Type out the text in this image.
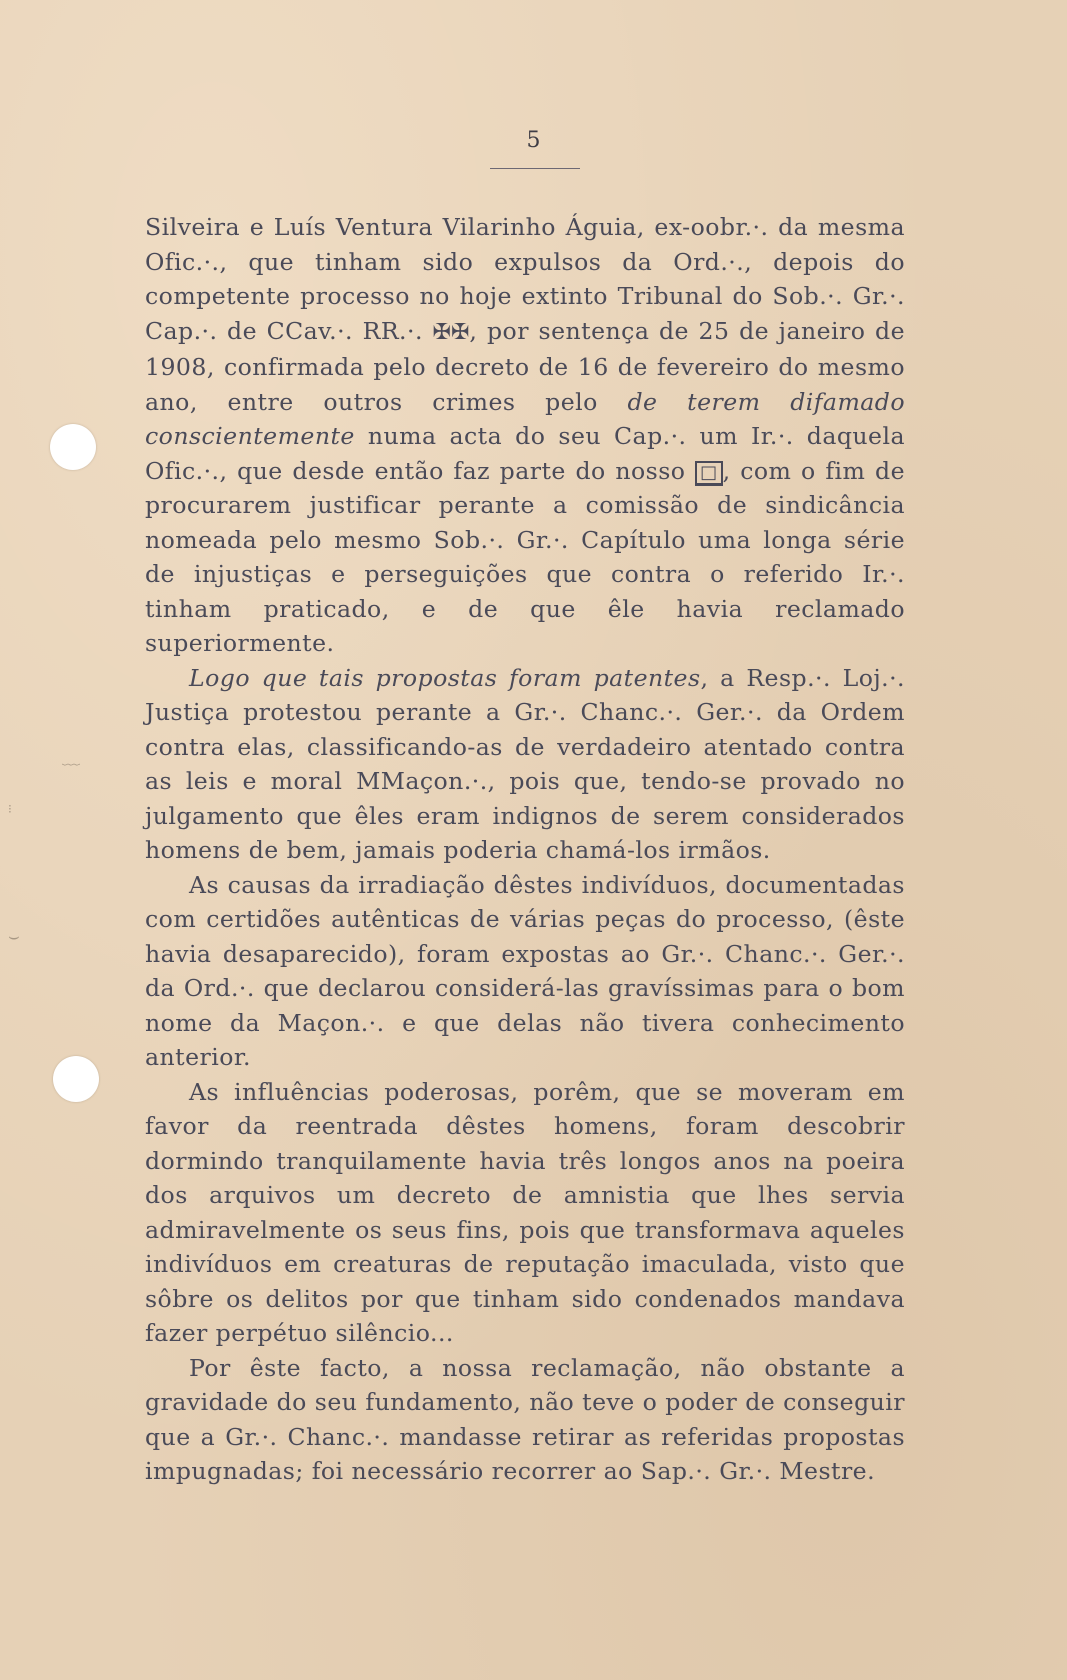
5
﹏
⁝
⌣

Silveira e Luís Ventura Vilarinho Águia, ex-oobr.·. da mesma Ofic.·., que tinham sido expulsos da Ord.·., depois do competente processo no hoje extinto Tribunal do Sob.·. Gr.·. Cap.·. de CCav.·. RR.·. ✠✠, por sentença de 25 de janeiro de 1908, confirmada pelo decreto de 16 de fevereiro do mesmo ano, entre outros crimes pelo de terem difamado conscientemente numa acta do seu Cap.·. um Ir.·. daquela Ofic.·., que desde então faz parte do nosso □ , com o fim de procurarem justificar perante a comissão de sindicância nomeada pelo mesmo Sob.·. Gr.·. Capítulo uma longa série de injustiças e perseguições que contra o referido Ir.·. tinham praticado, e de que êle havia reclamado superiormente.

Logo que tais propostas foram patentes, a Resp.·. Loj.·. Justiça protestou perante a Gr.·. Chanc.·. Ger.·. da Ordem contra elas, classificando-as de verdadeiro atentado contra as leis e moral MMaçon.·., pois que, tendo-se provado no julgamento que êles eram indignos de serem considerados homens de bem, jamais poderia chamá-los irmãos.

As causas da irradiação dêstes indivíduos, documentadas com certidões autênticas de várias peças do processo, (êste havia desaparecido), foram expostas ao Gr.·. Chanc.·. Ger.·. da Ord.·. que declarou considerá-las gravíssimas para o bom nome da Maçon.·. e que delas não tivera conhecimento anterior.

As influências poderosas, porêm, que se moveram em favor da reentrada dêstes homens, foram descobrir dormindo tranquilamente havia três longos anos na poeira dos arquivos um decreto de amnistia que lhes servia admiravelmente os seus fins, pois que transformava aqueles indivíduos em creaturas de reputação imaculada, visto que sôbre os delitos por que tinham sido condenados mandava fazer perpétuo silêncio...

Por êste facto, a nossa reclamação, não obstante a gravidade do seu fundamento, não teve o poder de conseguir que a Gr.·. Chanc.·. mandasse retirar as referidas propostas impugnadas; foi necessário recorrer ao Sap.·. Gr.·. Mestre.
